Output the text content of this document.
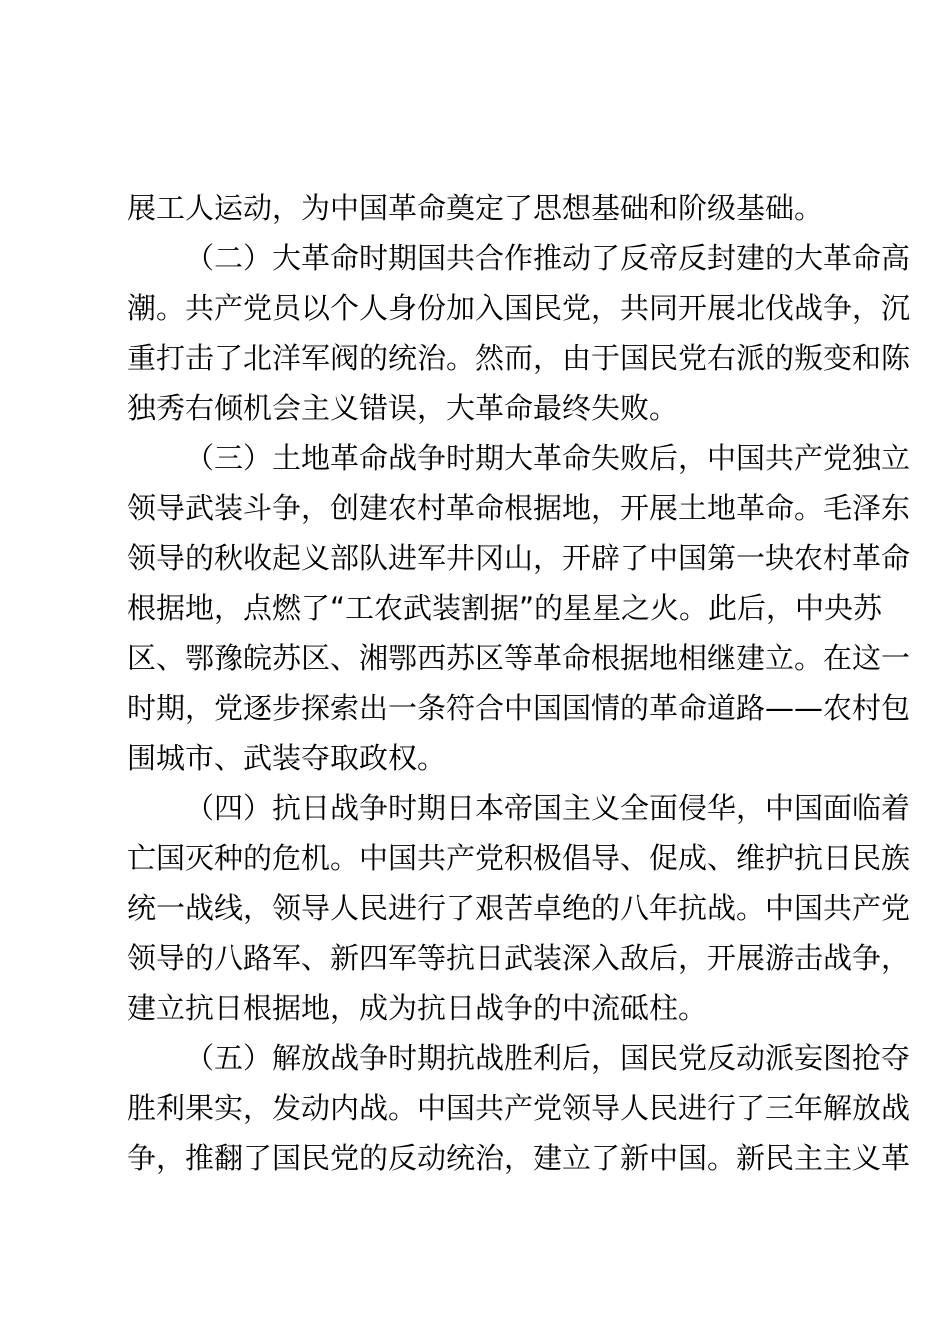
展工人运动，为中国革命奠定了思想基础和阶级基础。
（二）大革命时期国共合作推动了反帝反封建的大革命高
潮。共产党员以个人身份加入国民党，共同开展北伐战争，沉
重打击了北洋军阀的统治。然而，由于国民党右派的叛变和陈
独秀右倾机会主义错误，大革命最终失败。
（三）土地革命战争时期大革命失败后，中国共产党独立
领导武装斗争，创建农村革命根据地，开展土地革命。毛泽东
领导的秋收起义部队进军井冈山，开辟了中国第一块农村革命
根据地，点燃了“工农武装割据”的星星之火。此后，中央苏
区、鄂豫皖苏区、湘鄂西苏区等革命根据地相继建立。在这一
时期，党逐步探索出一条符合中国国情的革命道路——农村包
围城市、武装夺取政权。
（四）抗日战争时期日本帝国主义全面侵华，中国面临着
亡国灭种的危机。中国共产党积极倡导、促成、维护抗日民族
统一战线，领导人民进行了艰苦卓绝的八年抗战。中国共产党
领导的八路军、新四军等抗日武装深入敌后，开展游击战争，
建立抗日根据地，成为抗日战争的中流砥柱。
（五）解放战争时期抗战胜利后，国民党反动派妄图抢夺
胜利果实，发动内战。中国共产党领导人民进行了三年解放战
争，推翻了国民党的反动统治，建立了新中国。新民主主义革
